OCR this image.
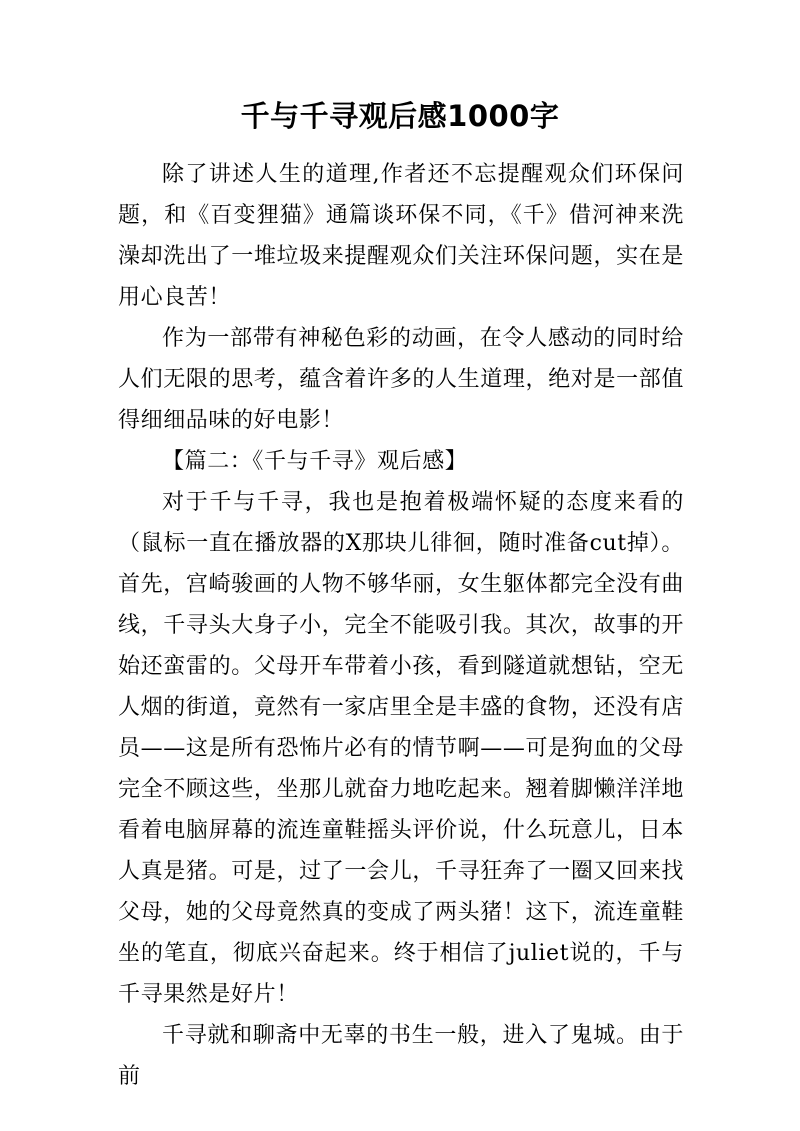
千与千寻观后感1000字

除了讲述人生的道理,作者还不忘提醒观众们环保问题，和《百变狸猫》通篇谈环保不同，《千》借河神来洗澡却洗出了一堆垃圾来提醒观众们关注环保问题，实在是用心良苦！

作为一部带有神秘色彩的动画，在令人感动的同时给人们无限的思考，蕴含着许多的人生道理，绝对是一部值得细细品味的好电影！

【篇二：《千与千寻》观后感】

对于千与千寻，我也是抱着极端怀疑的态度来看的（鼠标一直在播放器的X那块儿徘徊，随时准备cut掉）。首先，宫崎骏画的人物不够华丽，女生躯体都完全没有曲线，千寻头大身子小，完全不能吸引我。其次，故事的开始还蛮雷的。父母开车带着小孩，看到隧道就想钻，空无人烟的街道，竟然有一家店里全是丰盛的食物，还没有店员——这是所有恐怖片必有的情节啊——可是狗血的父母完全不顾这些，坐那儿就奋力地吃起来。翘着脚懒洋洋地看着电脑屏幕的流连童鞋摇头评价说，什么玩意儿，日本人真是猪。可是，过了一会儿，千寻狂奔了一圈又回来找父母，她的父母竟然真的变成了两头猪！这下，流连童鞋坐的笔直，彻底兴奋起来。终于相信了juliet说的，千与千寻果然是好片！

千寻就和聊斋中无辜的书生一般，进入了鬼城。由于前
